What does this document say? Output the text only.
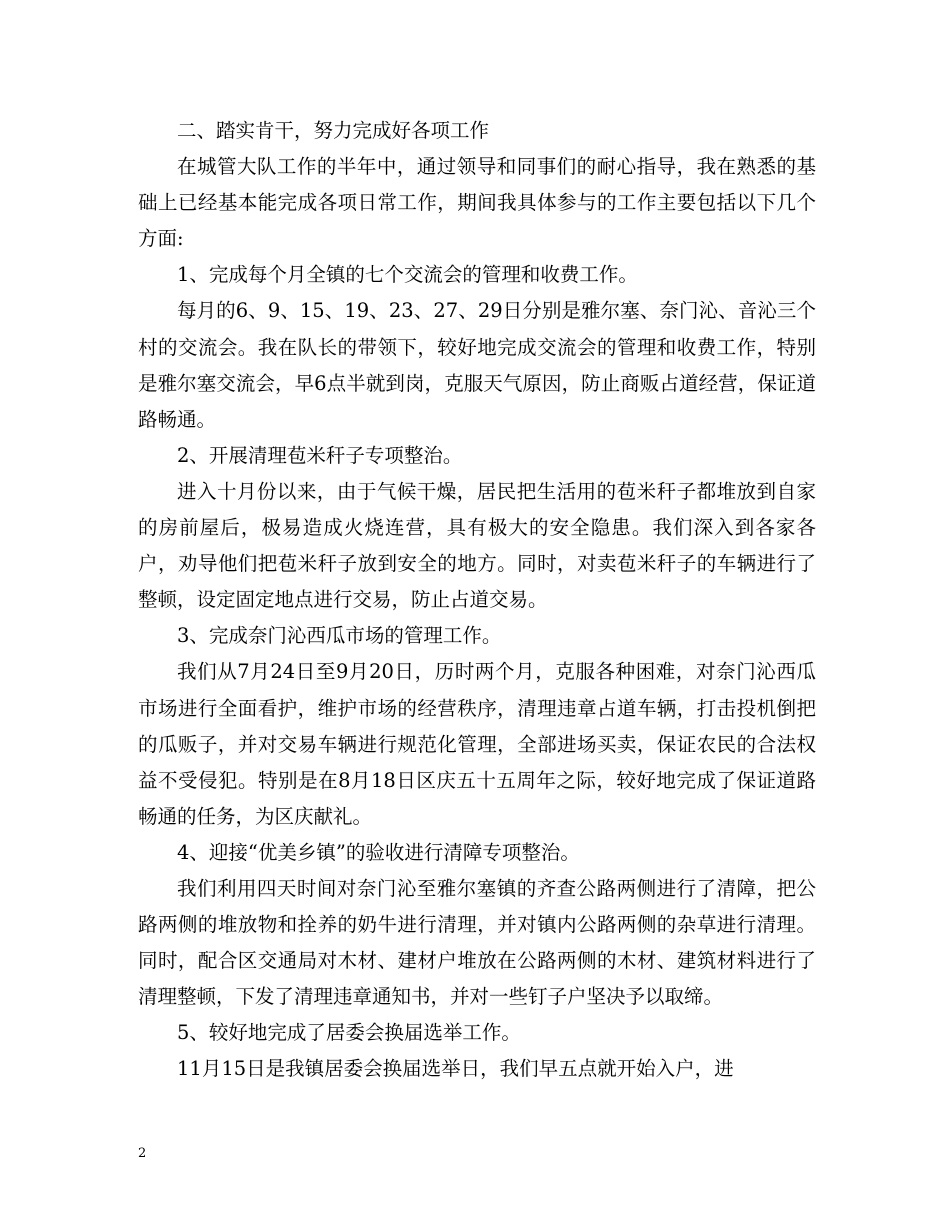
二、踏实肯干，努力完成好各项工作

在城管大队工作的半年中，通过领导和同事们的耐心指导，我在熟悉的基础上已经基本能完成各项日常工作，期间我具体参与的工作主要包括以下几个方面:

1、完成每个月全镇的七个交流会的管理和收费工作。

每月的6、9、15、19、23、27、29日分别是雅尔塞、奈门沁、音沁三个村的交流会。我在队长的带领下，较好地完成交流会的管理和收费工作，特别是雅尔塞交流会，早6点半就到岗，克服天气原因，防止商贩占道经营，保证道路畅通。

2、开展清理苞米秆子专项整治。

进入十月份以来，由于气候干燥，居民把生活用的苞米秆子都堆放到自家的房前屋后，极易造成火烧连营，具有极大的安全隐患。我们深入到各家各户，劝导他们把苞米秆子放到安全的地方。同时，对卖苞米秆子的车辆进行了整顿，设定固定地点进行交易，防止占道交易。

3、完成奈门沁西瓜市场的管理工作。

我们从7月24日至9月20日，历时两个月，克服各种困难，对奈门沁西瓜市场进行全面看护，维护市场的经营秩序，清理违章占道车辆，打击投机倒把的瓜贩子，并对交易车辆进行规范化管理，全部进场买卖，保证农民的合法权益不受侵犯。特别是在8月18日区庆五十五周年之际，较好地完成了保证道路畅通的任务，为区庆献礼。

4、迎接“优美乡镇”的验收进行清障专项整治。

我们利用四天时间对奈门沁至雅尔塞镇的齐查公路两侧进行了清障，把公路两侧的堆放物和拴养的奶牛进行清理，并对镇内公路两侧的杂草进行清理。同时，配合区交通局对木材、建材户堆放在公路两侧的木材、建筑材料进行了清理整顿，下发了清理违章通知书，并对一些钉子户坚决予以取缔。

5、较好地完成了居委会换届选举工作。

11月15日是我镇居委会换届选举日，我们早五点就开始入户，进

2
